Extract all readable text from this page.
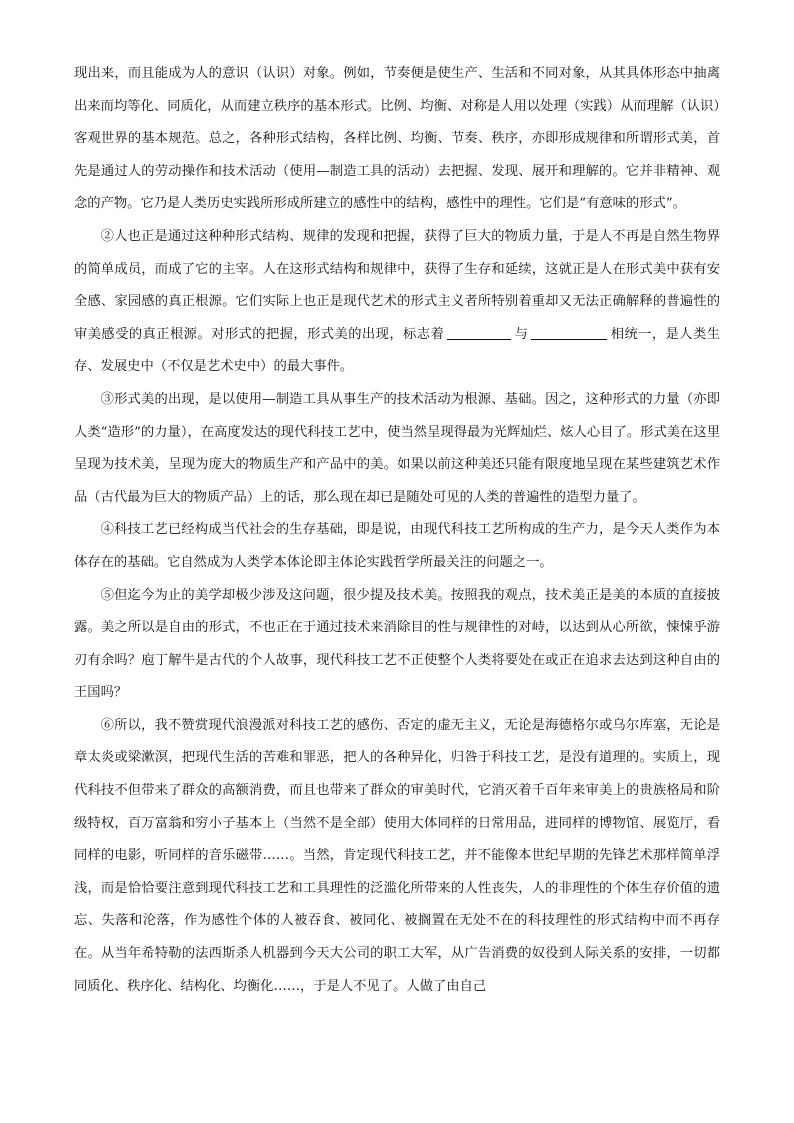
现出来，而且能成为人的意识（认识）对象。例如，节奏便是使生产、生活和不同对象，从其具体形态中抽离出来而均等化、同质化，从而建立秩序的基本形式。比例、均衡、对称是人用以处理（实践）从而理解（认识）客观世界的基本规范。总之，各种形式结构，各样比例、均衡、节奏、秩序，亦即形成规律和所谓形式美，首先是通过人的劳动操作和技术活动（使用—制造工具的活动）去把握、发现、展开和理解的。它并非精神、观念的产物。它乃是人类历史实践所形成所建立的感性中的结构，感性中的理性。它们是“有意味的形式”。

②人也正是通过这种种形式结构、规律的发现和把握，获得了巨大的物质力量，于是人不再是自然生物界的简单成员，而成了它的主宰。人在这形式结构和规律中，获得了生存和延续，这就正是人在形式美中获有安全感、家园感的真正根源。它们实际上也正是现代艺术的形式主义者所特别着重却又无法正确解释的普遍性的审美感受的真正根源。对形式的把握，形式美的出现，标志着	与	相统一，是人类生存、发展史中（不仅是艺术史中）的最大事件。

③形式美的出现，是以使用—制造工具从事生产的技术活动为根源、基础。因之，这种形式的力量（亦即人类“造形”的力量），在高度发达的现代科技工艺中，使当然呈现得最为光辉灿烂、炫人心目了。形式美在这里呈现为技术美，呈现为庞大的物质生产和产品中的美。如果以前这种美还只能有限度地呈现在某些建筑艺术作品（古代最为巨大的物质产品）上的话，那么现在却已是随处可见的人类的普遍性的造型力量了。

④科技工艺已经构成当代社会的生存基础，即是说，由现代科技工艺所构成的生产力，是今天人类作为本体存在的基础。它自然成为人类学本体论即主体论实践哲学所最关注的问题之一。

⑤但迄今为止的美学却极少涉及这问题，很少提及技术美。按照我的观点，技术美正是美的本质的直接披露。美之所以是自由的形式，不也正在于通过技术来消除目的性与规律性的对峙，以达到从心所欲，悚悚乎游刃有余吗？庖丁解牛是古代的个人故事，现代科技工艺不正使整个人类将要处在或正在追求去达到这种自由的王国吗？

⑥所以，我不赞赏现代浪漫派对科技工艺的感伤、否定的虚无主义，无论是海德格尔或乌尔库塞，无论是章太炎或梁漱溟，把现代生活的苦难和罪恶，把人的各种异化，归咎于科技工艺，是没有道理的。实质上，现代科技不但带来了群众的高额消费，而且也带来了群众的审美时代，它消灭着千百年来审美上的贵族格局和阶级特权，百万富翁和穷小子基本上（当然不是全部）使用大体同样的日常用品，进同样的博物馆、展览厅，看同样的电影，听同样的音乐磁带……。当然，肯定现代科技工艺，并不能像本世纪早期的先锋艺术那样简单浮浅，而是恰恰要注意到现代科技工艺和工具理性的泛滥化所带来的人性丧失，人的非理性的个体生存价值的遗忘、失落和沦落，作为感性个体的人被吞食、被同化、被搁置在无处不在的科技理性的形式结构中而不再存在。从当年希特勒的法西斯杀人机器到今天大公司的职工大军，从广告消费的奴役到人际关系的安排，一切都同质化、秩序化、结构化、均衡化……，于是人不见了。人做了由自己
